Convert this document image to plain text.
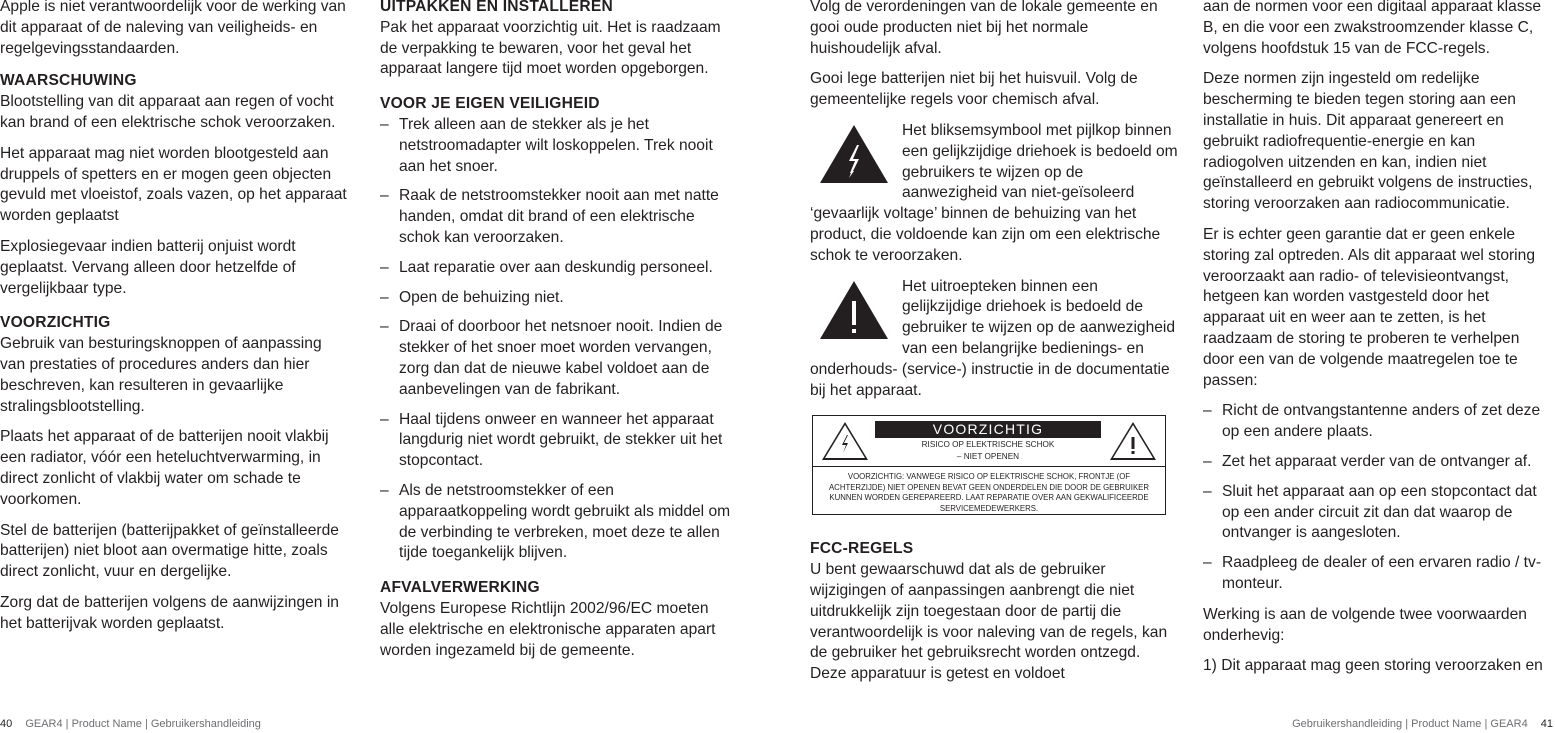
Apple is niet verantwoordelijk voor de werking van dit apparaat of de naleving van veiligheids- en regelgevingsstandaarden.

WAARSCHUWING

Blootstelling van dit apparaat aan regen of vocht kan brand of een elektrische schok veroorzaken.

Het apparaat mag niet worden blootgesteld aan druppels of spetters en er mogen geen objecten gevuld met vloeistof, zoals vazen, op het apparaat worden geplaatst

Explosiegevaar indien batterij onjuist wordt geplaatst. Vervang alleen door hetzelfde of vergelijkbaar type.

VOORZICHTIG

Gebruik van besturingsknoppen of aanpassing van prestaties of procedures anders dan hier beschreven, kan resulteren in gevaarlijke stralingsblootstelling.

Plaats het apparaat of de batterijen nooit vlakbij een radiator, vóór een heteluchtverwarming, in direct zonlicht of vlakbij water om schade te voorkomen.

Stel de batterijen (batterijpakket of geïnstalleerde batterijen) niet bloot aan overmatige hitte, zoals direct zonlicht, vuur en dergelijke.

Zorg dat de batterijen volgens de aanwijzingen in het batterijvak worden geplaatst.

UITPAKKEN EN INSTALLEREN

Pak het apparaat voorzichtig uit. Het is raadzaam de verpakking te bewaren, voor het geval het apparaat langere tijd moet worden opgeborgen.

VOOR JE EIGEN VEILIGHEID
– Trek alleen aan de stekker als je het netstroomadapter wilt loskoppelen. Trek nooit aan het snoer.
– Raak de netstroomstekker nooit aan met natte handen, omdat dit brand of een elektrische schok kan veroorzaken.
– Laat reparatie over aan deskundig personeel.
– Open de behuizing niet.
– Draai of doorboor het netsnoer nooit. Indien de stekker of het snoer moet worden vervangen, zorg dan dat de nieuwe kabel voldoet aan de aanbevelingen van de fabrikant.
– Haal tijdens onweer en wanneer het apparaat langdurig niet wordt gebruikt, de stekker uit het stopcontact.
– Als de netstroomstekker of een apparaatkoppeling wordt gebruikt als middel om de verbinding te verbreken, moet deze te allen tijde toegankelijk blijven.
AFVALVERWERKING

Volgens Europese Richtlijn 2002/96/EC moeten alle elektrische en elektronische apparaten apart worden ingezameld bij de gemeente.

Volg de verordeningen van de lokale gemeente en gooi oude producten niet bij het normale huishoudelijk afval.

Gooi lege batterijen niet bij het huisvuil. Volg de gemeentelijke regels voor chemisch afval.

Het bliksemsymbool met pijlkop binnen een gelijkzijdige driehoek is bedoeld om gebruikers te wijzen op de aanwezigheid van niet-geïsoleerd ‘gevaarlijk voltage’ binnen de behuizing van het product, die voldoende kan zijn om een elektrische schok te veroorzaken.
Het uitroepteken binnen een gelijkzijdige driehoek is bedoeld de gebruiker te wijzen op de aanwezigheid van een belangrijke bedienings- en onderhouds- (service-) instructie in de documentatie bij het apparaat.
VOORZICHTIG
RISICO OP ELEKTRISCHE SCHOK
– NIET OPENEN
VOORZICHTIG: VANWEGE RISICO OP ELEKTRISCHE SCHOK, FRONTJE (OF ACHTERZIJDE) NIET OPENEN BEVAT GEEN ONDERDELEN DIE DOOR DE GEBRUIKER KUNNEN WORDEN GEREPAREERD. LAAT REPARATIE OVER AAN GEKWALIFICEERDE SERVICEMEDEWERKERS.
FCC-REGELS

U bent gewaarschuwd dat als de gebruiker wijzigingen of aanpassingen aanbrengt die niet uitdrukkelijk zijn toegestaan door de partij die verantwoordelijk is voor naleving van de regels, kan de gebruiker het gebruiksrecht worden ontzegd. Deze apparatuur is getest en voldoet

aan de normen voor een digitaal apparaat klasse B, en die voor een zwakstroomzender klasse C, volgens hoofdstuk 15 van de FCC-regels.

Deze normen zijn ingesteld om redelijke bescherming te bieden tegen storing aan een installatie in huis. Dit apparaat genereert en gebruikt radiofrequentie-energie en kan radiogolven uitzenden en kan, indien niet geïnstalleerd en gebruikt volgens de instructies, storing veroorzaken aan radiocommunicatie.

Er is echter geen garantie dat er geen enkele storing zal optreden. Als dit apparaat wel storing veroorzaakt aan radio- of televisieontvangst, hetgeen kan worden vastgesteld door het apparaat uit en weer aan te zetten, is het raadzaam de storing te proberen te verhelpen door een van de volgende maatregelen toe te passen:

– Richt de ontvangstantenne anders of zet deze op een andere plaats.
– Zet het apparaat verder van de ontvanger af.
– Sluit het apparaat aan op een stopcontact dat op een ander circuit zit dan dat waarop de ontvanger is aangesloten.
– Raadpleeg de dealer of een ervaren radio / tv-monteur.

Werking is aan de volgende twee voorwaarden onderhevig:

1) Dit apparaat mag geen storing veroorzaken en

40 GEAR4 | Product Name | Gebruikershandleiding	Gebruikershandleiding | Product Name | GEAR4 41
